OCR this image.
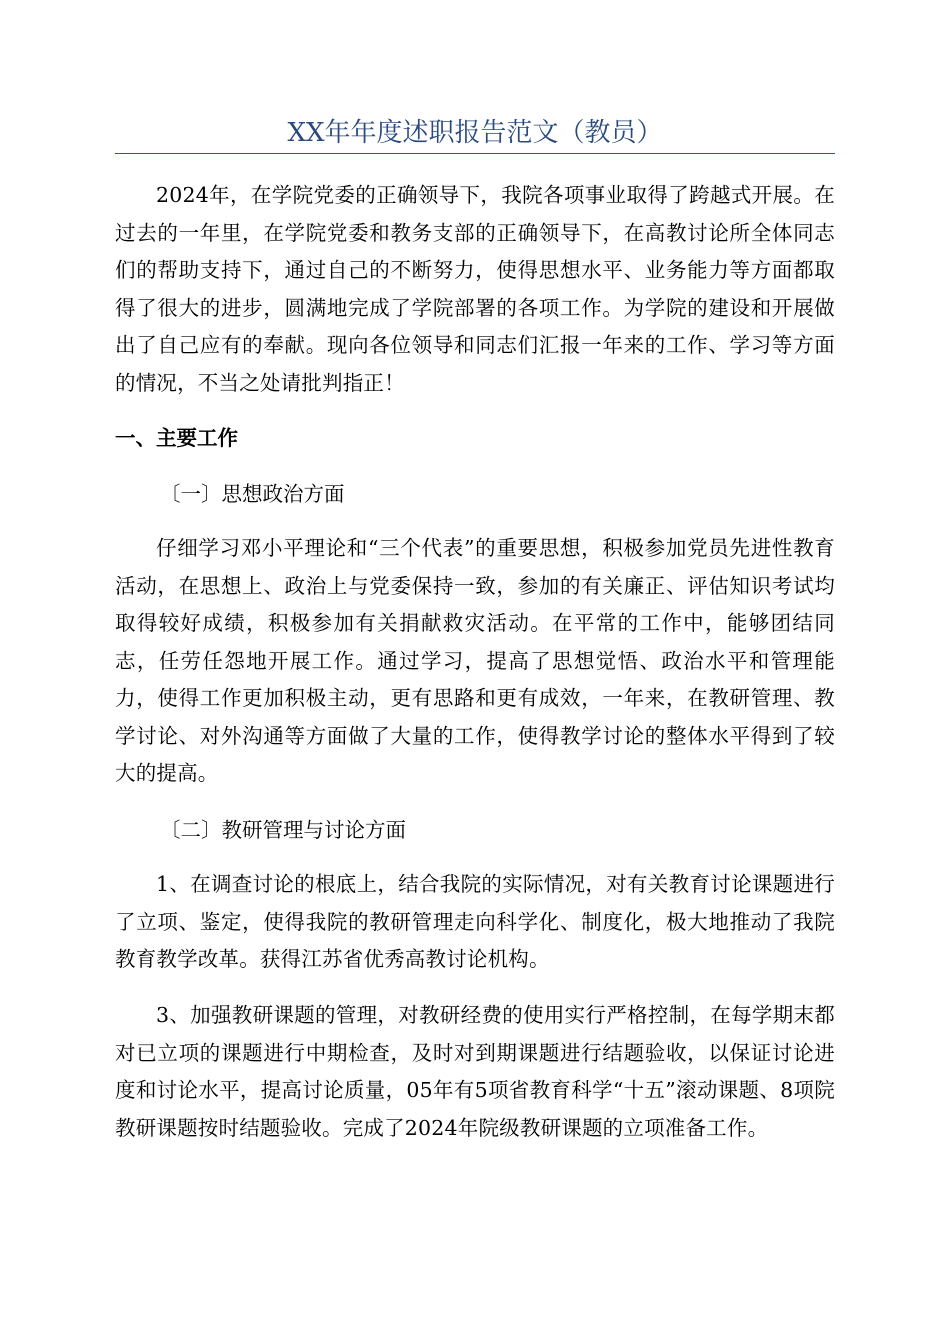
XX年年度述职报告范文（教员）

2024年，在学院党委的正确领导下，我院各项事业取得了跨越式开展。在过去的一年里，在学院党委和教务支部的正确领导下，在高教讨论所全体同志们的帮助支持下，通过自己的不断努力，使得思想水平、业务能力等方面都取得了很大的进步，圆满地完成了学院部署的各项工作。为学院的建设和开展做出了自己应有的奉献。现向各位领导和同志们汇报一年来的工作、学习等方面的情况，不当之处请批判指正！

一、主要工作

〔一〕思想政治方面

仔细学习邓小平理论和“三个代表”的重要思想，积极参加党员先进性教育活动，在思想上、政治上与党委保持一致，参加的有关廉正、评估知识考试均取得较好成绩，积极参加有关捐献救灾活动。在平常的工作中，能够团结同志，任劳任怨地开展工作。通过学习，提高了思想觉悟、政治水平和管理能力，使得工作更加积极主动，更有思路和更有成效，一年来，在教研管理、教学讨论、对外沟通等方面做了大量的工作，使得教学讨论的整体水平得到了较大的提高。

〔二〕教研管理与讨论方面

1、在调查讨论的根底上，结合我院的实际情况，对有关教育讨论课题进行了立项、鉴定，使得我院的教研管理走向科学化、制度化，极大地推动了我院教育教学改革。获得江苏省优秀高教讨论机构。

3、加强教研课题的管理，对教研经费的使用实行严格控制，在每学期末都对已立项的课题进行中期检查，及时对到期课题进行结题验收，以保证讨论进度和讨论水平，提高讨论质量，05年有5项省教育科学“十五”滚动课题、8项院教研课题按时结题验收。完成了2024年院级教研课题的立项准备工作。
